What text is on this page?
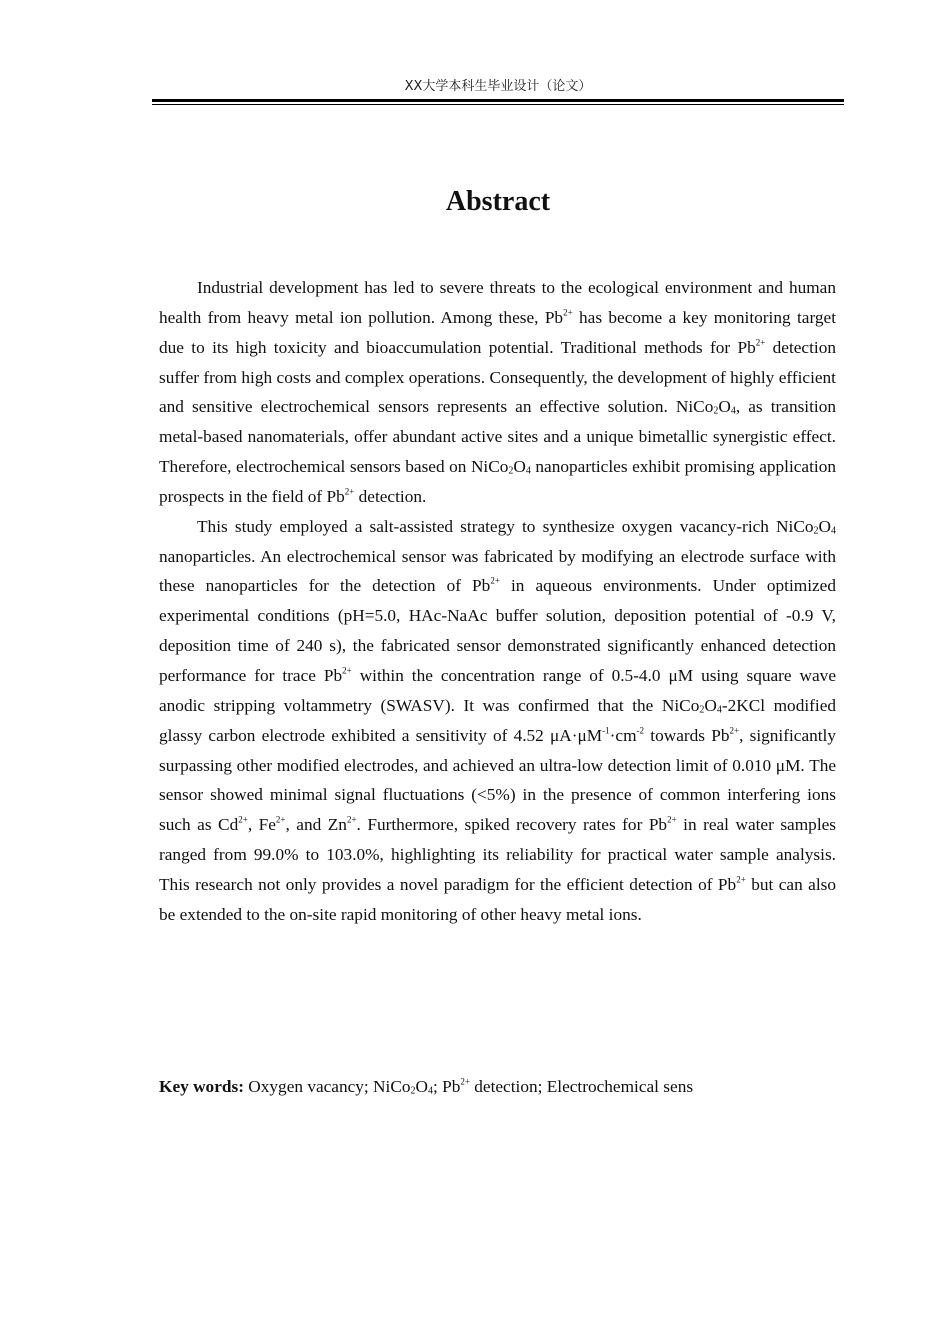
XX大学本科生毕业设计（论文）
Abstract

Industrial development has led to severe threats to the ecological environment and human health from heavy metal ion pollution. Among these, $Pb^{2+}$ has become a key monitoring target due to its high toxicity and bioaccumulation potential. Traditional methods for $Pb^{2+}$ detection suffer from high costs and complex operations. Consequently, the development of highly efficient and sensitive electrochemical sensors represents an effective solution. $NiCo_2O_4$, as transition metal-based nanomaterials, offer abundant active sites and a unique bimetallic synergistic effect. Therefore, electrochemical sensors based on $NiCo_2O_4$ nanoparticles exhibit promising application prospects in the field of $Pb^{2+}$ detection.

This study employed a salt-assisted strategy to synthesize oxygen vacancy-rich $NiCo_2O_4$ nanoparticles. An electrochemical sensor was fabricated by modifying an electrode surface with these nanoparticles for the detection of $Pb^{2+}$ in aqueous environments. Under optimized experimental conditions (pH=5.0, HAc-NaAc buffer solution, deposition potential of -0.9 V, deposition time of 240 s), the fabricated sensor demonstrated significantly enhanced detection performance for trace $Pb^{2+}$ within the concentration range of 0.5-4.0 μM using square wave anodic stripping voltammetry (SWASV). It was confirmed that the $NiCo_2O_4-2KCl$ modified glassy carbon electrode exhibited a sensitivity of 4.52 $\mu A\cdot\mu M^{-1}\cdot cm^{-2}$ towards $Pb^{2+}$, significantly surpassing other modified electrodes, and achieved an ultra-low detection limit of 0.010 μM. The sensor showed minimal signal fluctuations (<5%) in the presence of common interfering ions such as $Cd^{2+}$, $Fe^{2+}$, and $Zn^{2+}$. Furthermore, spiked recovery rates for $Pb^{2+}$ in real water samples ranged from 99.0% to 103.0%, highlighting its reliability for practical water sample analysis. This research not only provides a novel paradigm for the efficient detection of $Pb^{2+}$ but can also be extended to the on-site rapid monitoring of other heavy metal ions.

Key words: Oxygen vacancy; $NiCo_2O_4$; $Pb^{2+}$ detection; Electrochemical sens
